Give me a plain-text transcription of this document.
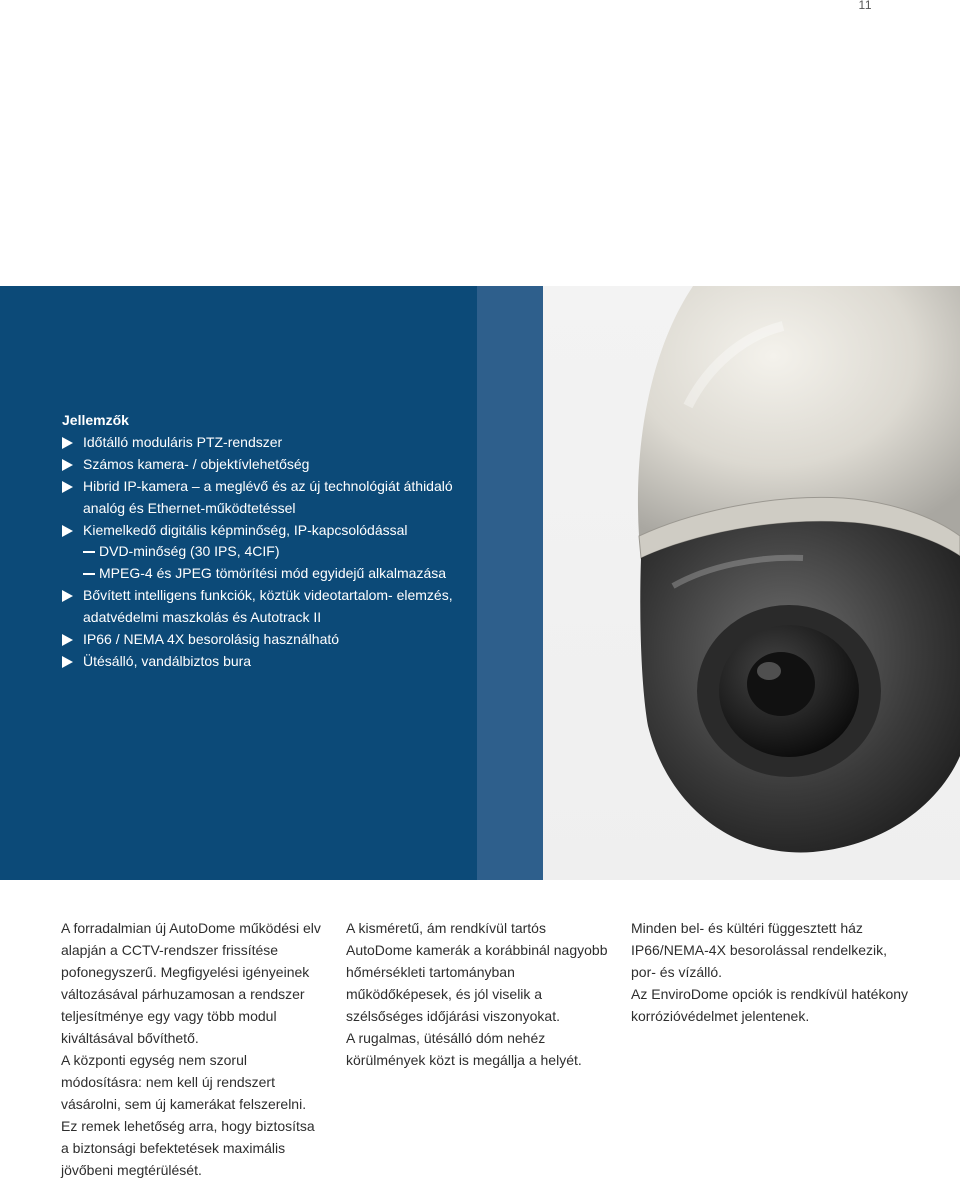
11

Jellemzők

Időtálló moduláris PTZ-rendszer
Számos kamera- / objektívlehetőség
Hibrid IP-kamera – a meglévő és az új technológiát áthidaló analóg és Ethernet-működtetéssel
Kiemelkedő digitális képminőség, IP-kapcsolódással
DVD-minőség (30 IPS, 4CIF)
MPEG-4 és JPEG tömörítési mód egyidejű alkalmazása
Bővített intelligens funkciók, köztük videotartalom- elemzés, adatvédelmi maszkolás és Autotrack II
IP66 / NEMA 4X besorolásig használható
Ütésálló, vandálbiztos bura

A forradalmian új AutoDome működési elv alapján a CCTV-rendszer frissítése pofonegyszerű. Megfigyelési igényeinek változásával párhuzamosan a rendszer teljesítménye egy vagy több modul kiváltásával bővíthető.

A központi egység nem szorul módosításra: nem kell új rendszert vásárolni, sem új kamerákat felszerelni. Ez remek lehetőség arra, hogy biztosítsa a biztonsági befektetések maximális jövőbeni megtérülését.

A kisméretű, ám rendkívül tartós AutoDome kamerák a korábbinál nagyobb hőmérsékleti tartományban működőképesek, és jól viselik a szélsőséges időjárási viszonyokat.

A rugalmas, ütésálló dóm nehéz körülmények közt is megállja a helyét.

Minden bel- és kültéri függesztett ház IP66/NEMA-4X besorolással rendelkezik, por- és vízálló.

Az EnviroDome opciók is rendkívül hatékony korrózióvédelmet jelentenek.
